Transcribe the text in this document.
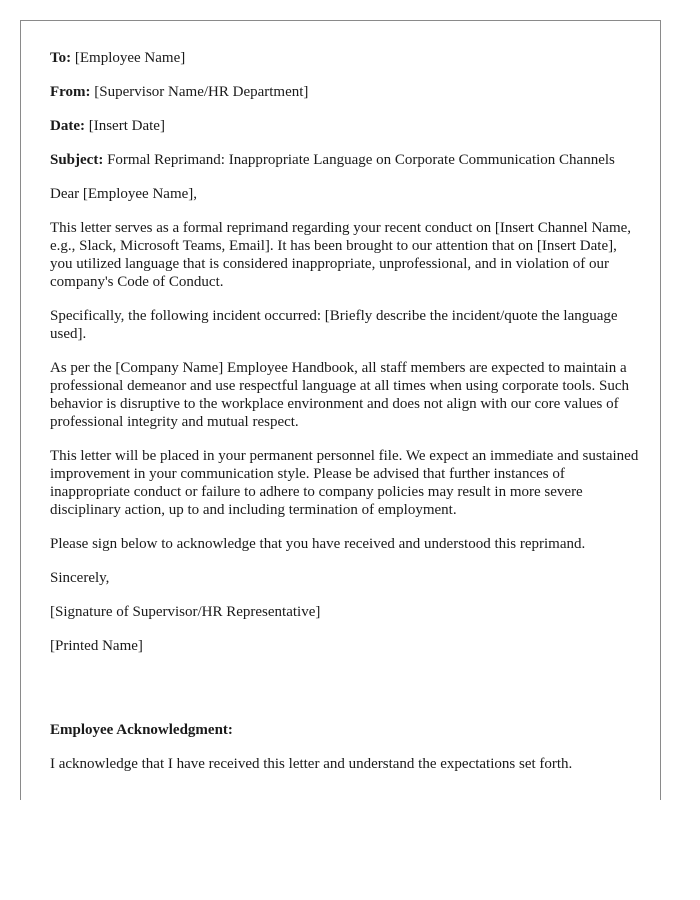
To: [Employee Name]

From: [Supervisor Name/HR Department]

Date: [Insert Date]

Subject: Formal Reprimand: Inappropriate Language on Corporate Communication Channels

Dear [Employee Name],

This letter serves as a formal reprimand regarding your recent conduct on [Insert Channel Name, e.g., Slack, Microsoft Teams, Email]. It has been brought to our attention that on [Insert Date], you utilized language that is considered inappropriate, unprofessional, and in violation of our company's Code of Conduct.

Specifically, the following incident occurred: [Briefly describe the incident/quote the language used].

As per the [Company Name] Employee Handbook, all staff members are expected to maintain a professional demeanor and use respectful language at all times when using corporate tools. Such behavior is disruptive to the workplace environment and does not align with our core values of professional integrity and mutual respect.

This letter will be placed in your permanent personnel file. We expect an immediate and sustained improvement in your communication style. Please be advised that further instances of inappropriate conduct or failure to adhere to company policies may result in more severe disciplinary action, up to and including termination of employment.

Please sign below to acknowledge that you have received and understood this reprimand.

Sincerely,

[Signature of Supervisor/HR Representative]

[Printed Name]

Employee Acknowledgment:

I acknowledge that I have received this letter and understand the expectations set forth.
